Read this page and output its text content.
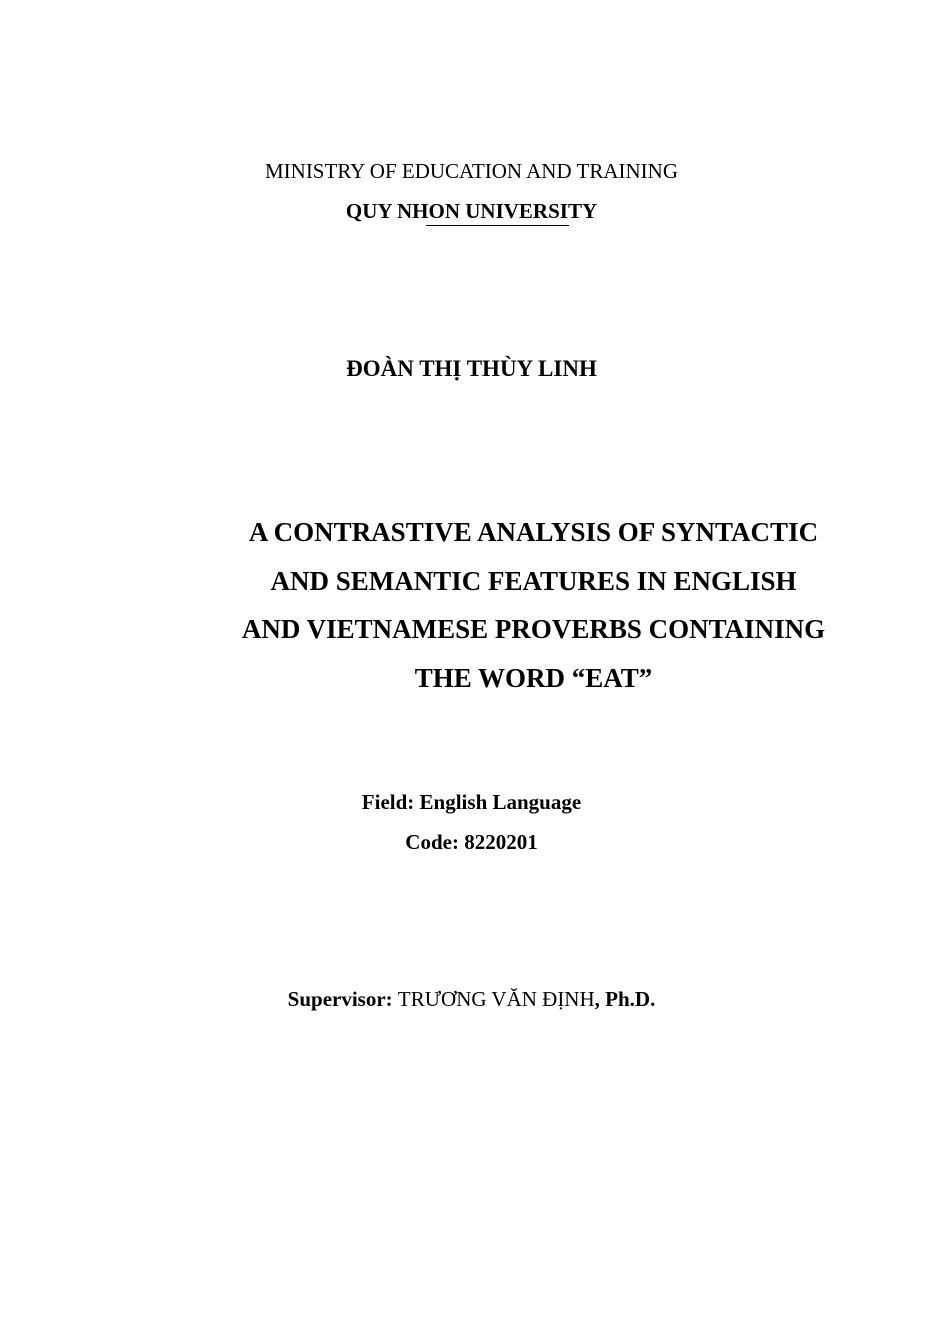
MINISTRY OF EDUCATION AND TRAINING
QUY NHON UNIVERSITY
ĐOÀN THỊ THÙY LINH
A CONTRASTIVE ANALYSIS OF SYNTACTIC
AND SEMANTIC FEATURES IN ENGLISH
AND VIETNAMESE PROVERBS CONTAINING
THE WORD “EAT”
Field: English Language
Code: 8220201
Supervisor: TRƯƠNG VĂN ĐỊNH, Ph.D.
